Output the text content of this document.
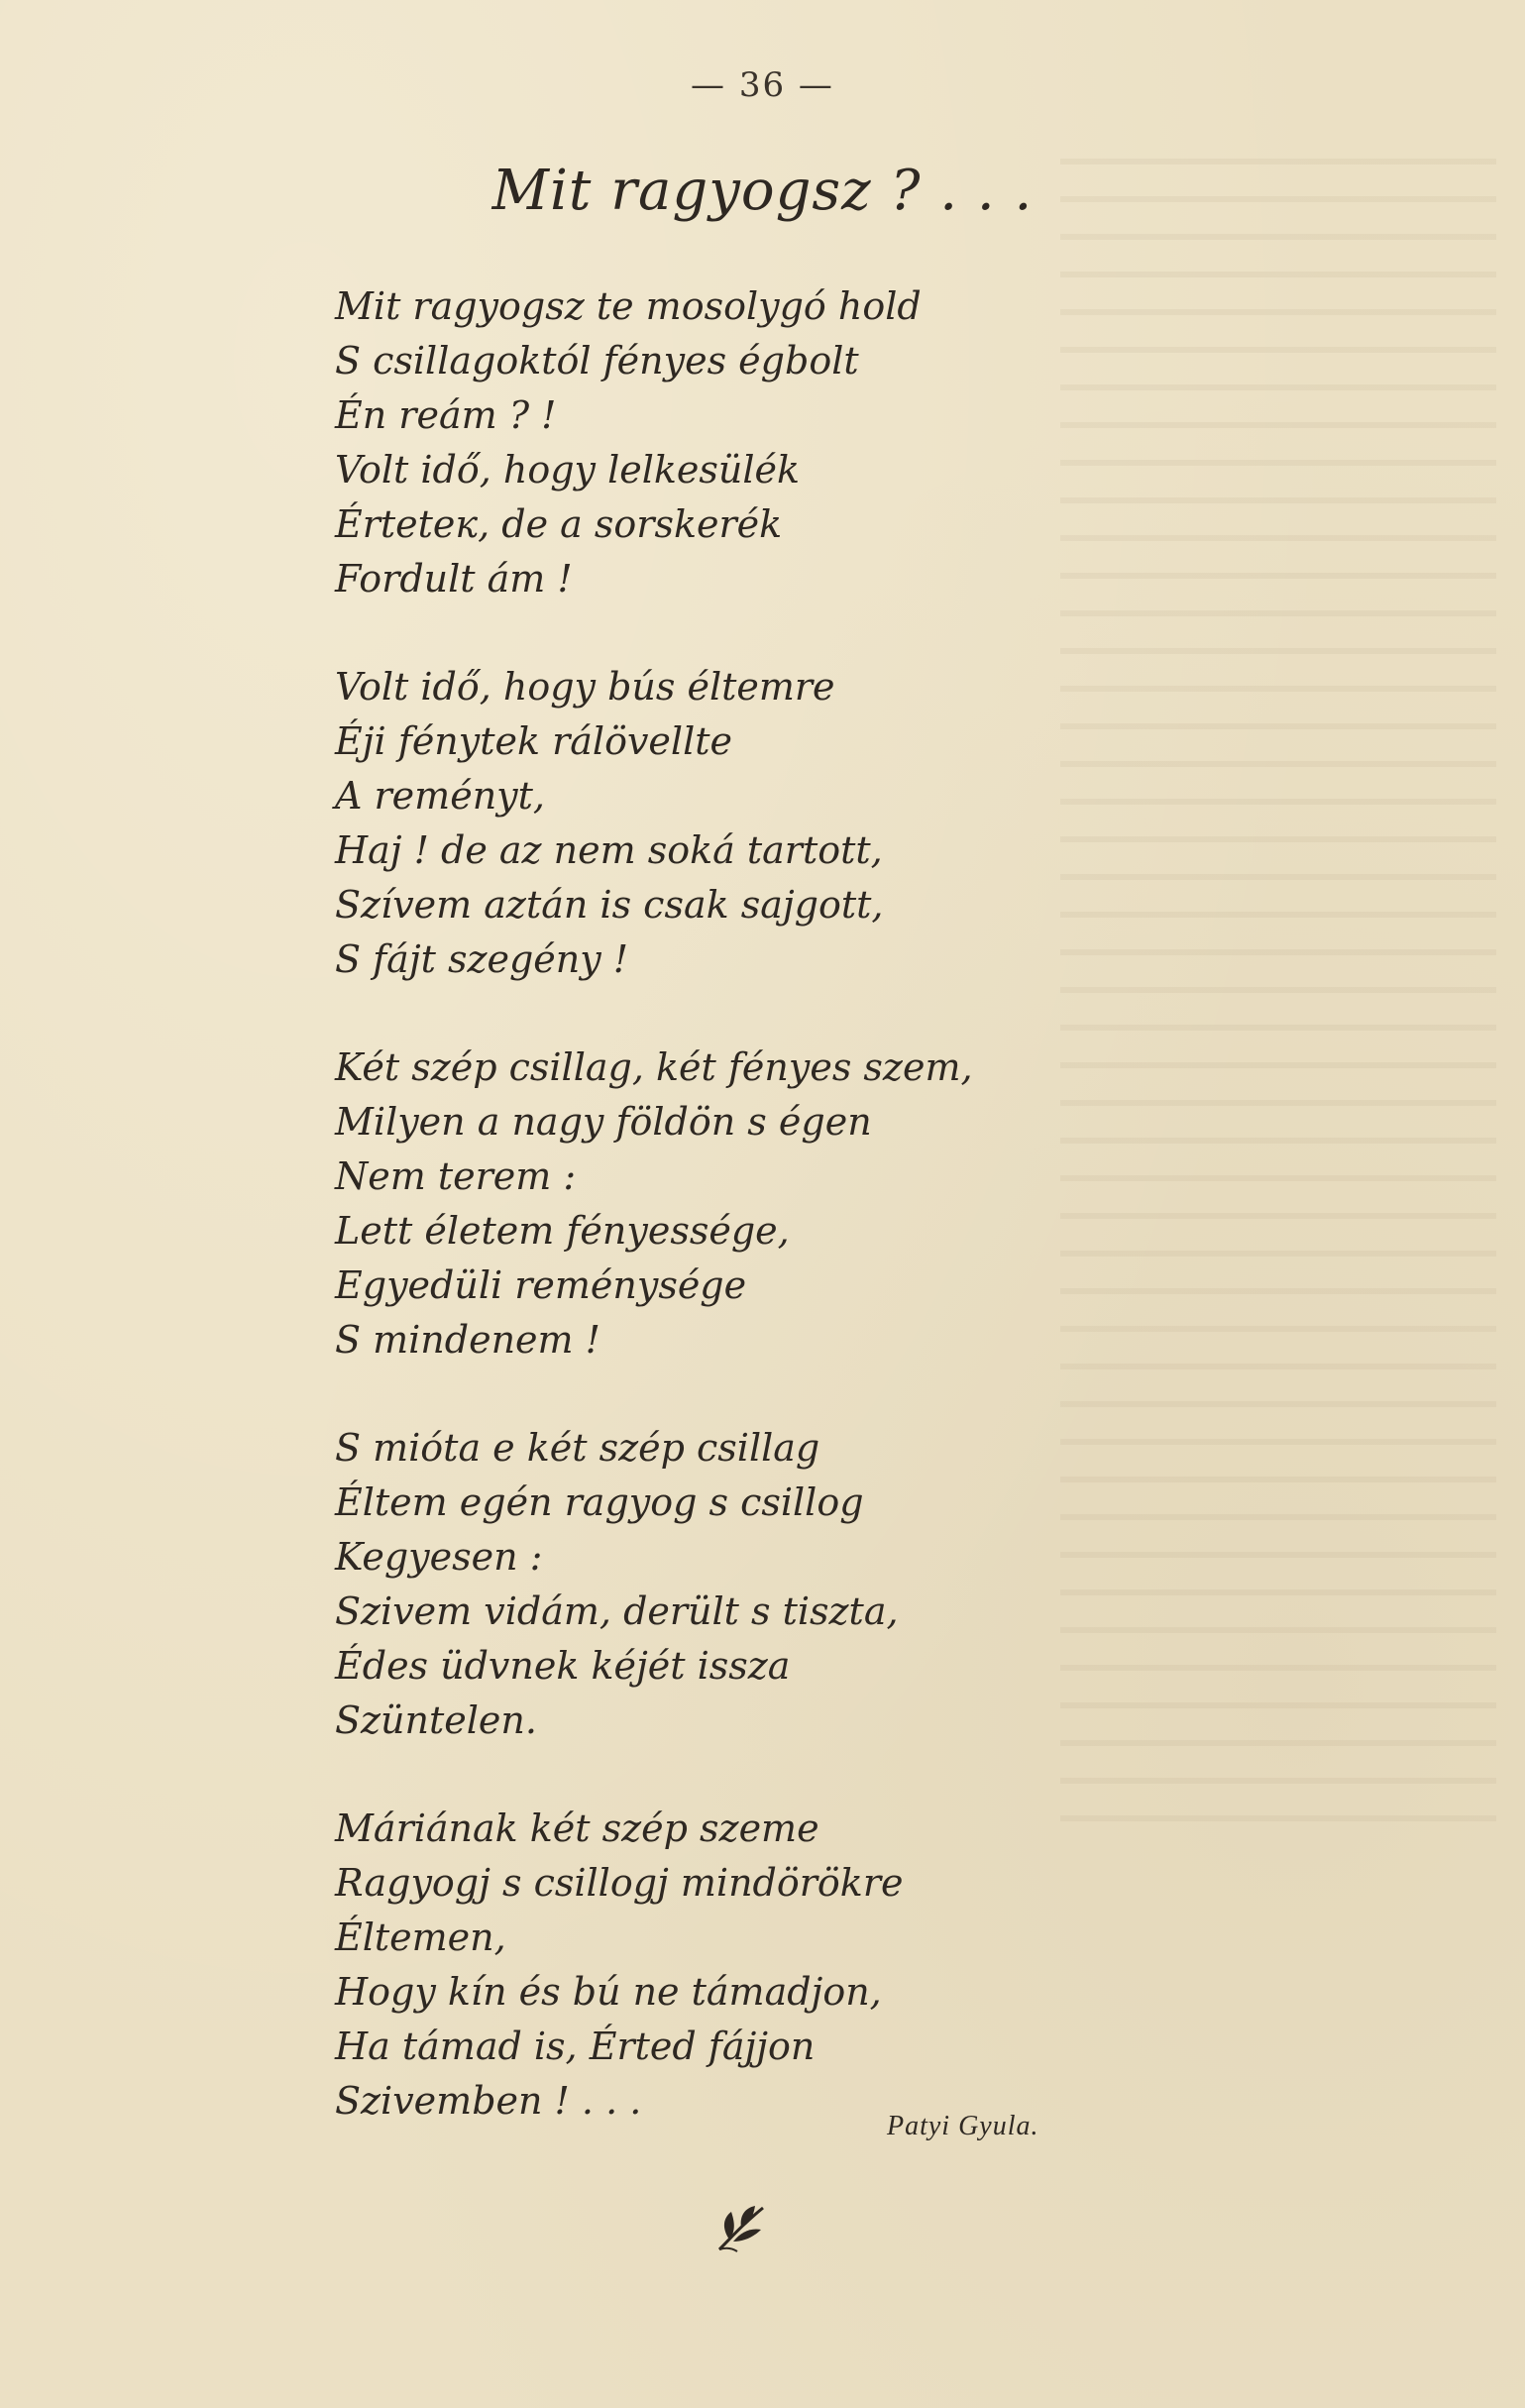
— 36 —
Mit ragyogsz ? . . .
Mit ragyogsz te mosolygó hold
S csillagoktól fényes égbolt
Én reám ? !
Volt idő, hogy lelkesülék
Érteteк, de a sorskerék
Fordult ám !
Volt idő, hogy bús éltemre
Éji fénytek rálövellte
A reményt,
Haj ! de az nem soká tartott,
Szívem aztán is csak sajgott,
S fájt szegény !
Két szép csillag, két fényes szem,
Milyen a nagy földön s égen
Nem terem :
Lett életem fényessége,
Egyedüli reménysége
S mindenem !
S mióta e két szép csillag
Éltem egén ragyog s csillog
Kegyesen :
Szivem vidám, derült s tiszta,
Édes üdvnek kéjét issza
Szüntelen.
Máriának két szép szeme
Ragyogj s csillogj mindörökre
Éltemen,
Hogy kín és bú ne támadjon,
Ha támad is, Érted fájjon
Szivemben ! . . .
Patyi Gyula.
